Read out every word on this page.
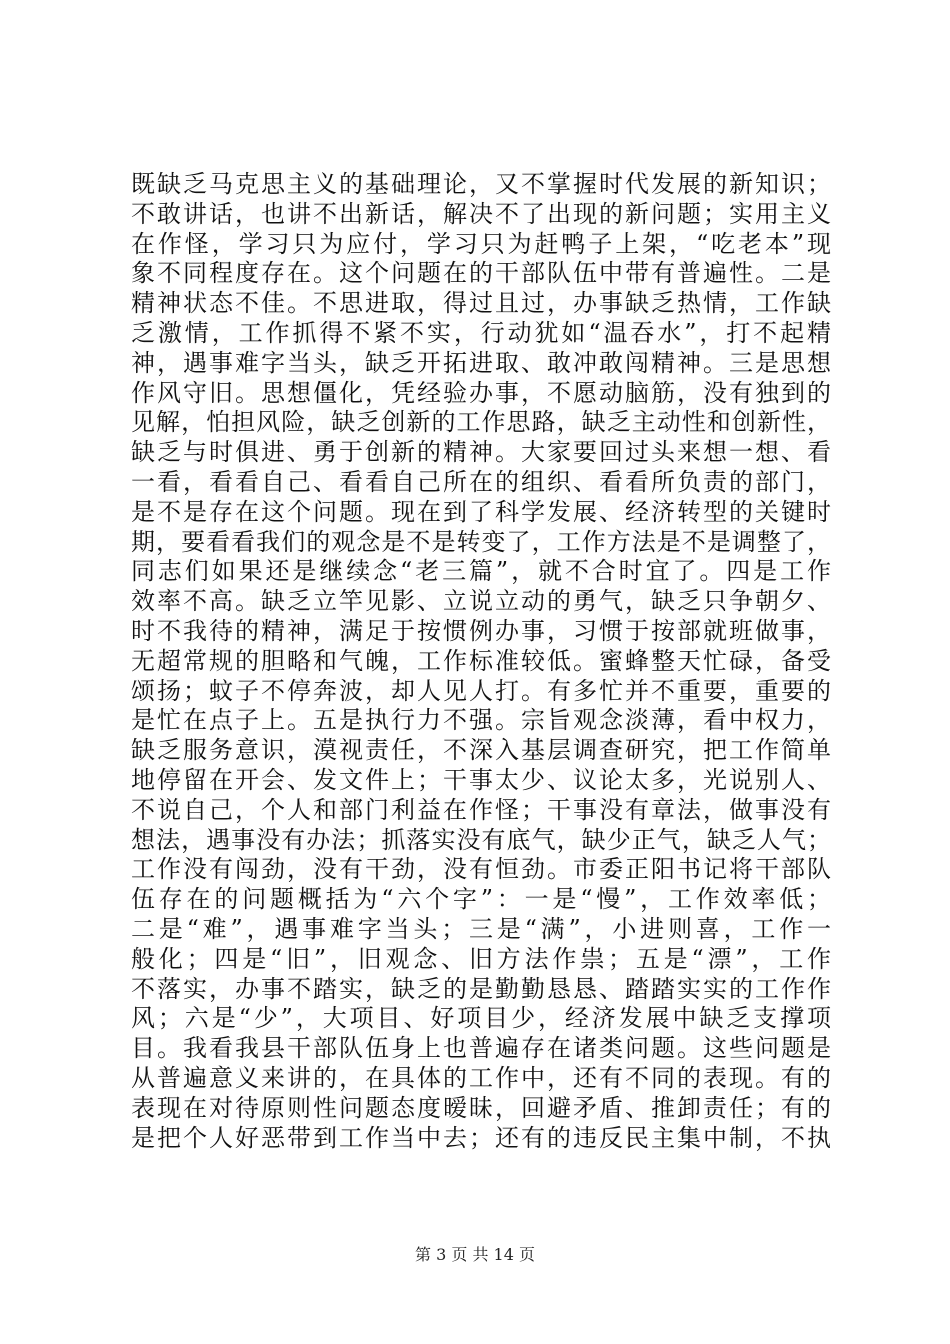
既缺乏马克思主义的基础理论，又不掌握时代发展的新知识；
不敢讲话，也讲不出新话，解决不了出现的新问题；实用主义
在作怪，学习只为应付，学习只为赶鸭子上架，“吃老本”现
象不同程度存在。这个问题在的干部队伍中带有普遍性。二是
精神状态不佳。不思进取，得过且过，办事缺乏热情，工作缺
乏激情，工作抓得不紧不实，行动犹如“温吞水”，打不起精
神，遇事难字当头，缺乏开拓进取、敢冲敢闯精神。三是思想
作风守旧。思想僵化，凭经验办事，不愿动脑筋，没有独到的
见解，怕担风险，缺乏创新的工作思路，缺乏主动性和创新性，
缺乏与时俱进、勇于创新的精神。大家要回过头来想一想、看
一看，看看自己、看看自己所在的组织、看看所负责的部门，
是不是存在这个问题。现在到了科学发展、经济转型的关键时
期，要看看我们的观念是不是转变了，工作方法是不是调整了，
同志们如果还是继续念“老三篇”，就不合时宜了。四是工作
效率不高。缺乏立竿见影、立说立动的勇气，缺乏只争朝夕、
时不我待的精神，满足于按惯例办事，习惯于按部就班做事，
无超常规的胆略和气魄，工作标准较低。蜜蜂整天忙碌，备受
颂扬；蚊子不停奔波，却人见人打。有多忙并不重要，重要的
是忙在点子上。五是执行力不强。宗旨观念淡薄，看中权力，
缺乏服务意识，漠视责任，不深入基层调查研究，把工作简单
地停留在开会、发文件上；干事太少、议论太多，光说别人、
不说自己，个人和部门利益在作怪；干事没有章法，做事没有
想法，遇事没有办法；抓落实没有底气，缺少正气，缺乏人气；
工作没有闯劲，没有干劲，没有恒劲。市委正阳书记将干部队
伍存在的问题概括为“六个字”：一是“慢”，工作效率低；
二是“难”，遇事难字当头；三是“满”，小进则喜，工作一
般化；四是“旧”，旧观念、旧方法作祟；五是“漂”，工作
不落实，办事不踏实，缺乏的是勤勤恳恳、踏踏实实的工作作
风；六是“少”，大项目、好项目少，经济发展中缺乏支撑项
目。我看我县干部队伍身上也普遍存在诸类问题。这些问题是
从普遍意义来讲的，在具体的工作中，还有不同的表现。有的
表现在对待原则性问题态度暧昧，回避矛盾、推卸责任；有的
是把个人好恶带到工作当中去；还有的违反民主集中制，不执
第 3 页 共 14 页
